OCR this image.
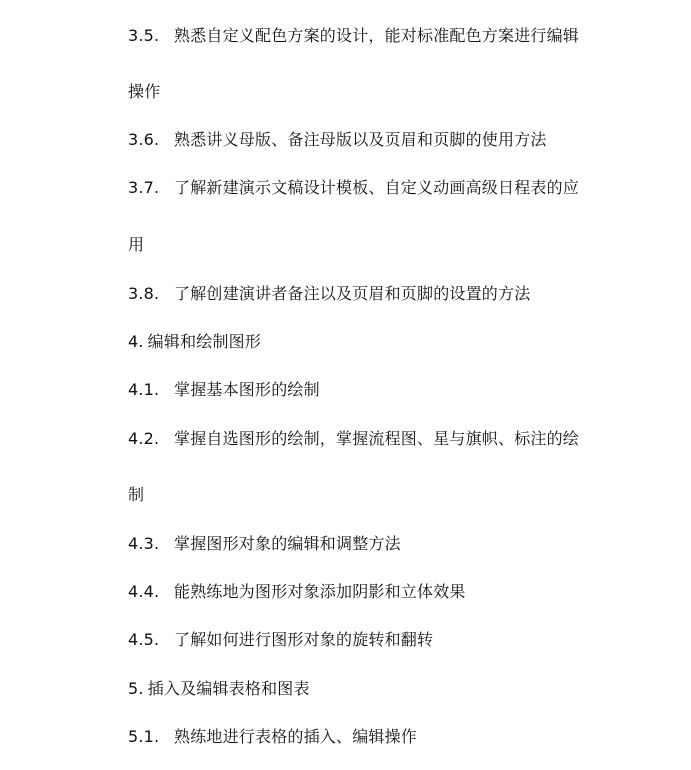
3.5. 熟悉自定义配色方案的设计，能对标准配色方案进行编辑
操作
3.6. 熟悉讲义母版、备注母版以及页眉和页脚的使用方法
3.7. 了解新建演示文稿设计模板、自定义动画高级日程表的应
用
3.8. 了解创建演讲者备注以及页眉和页脚的设置的方法
4. 编辑和绘制图形
4.1. 掌握基本图形的绘制
4.2. 掌握自选图形的绘制，掌握流程图、星与旗帜、标注的绘
制
4.3. 掌握图形对象的编辑和调整方法
4.4. 能熟练地为图形对象添加阴影和立体效果
4.5. 了解如何进行图形对象的旋转和翻转
5. 插入及编辑表格和图表
5.1. 熟练地进行表格的插入、编辑操作
